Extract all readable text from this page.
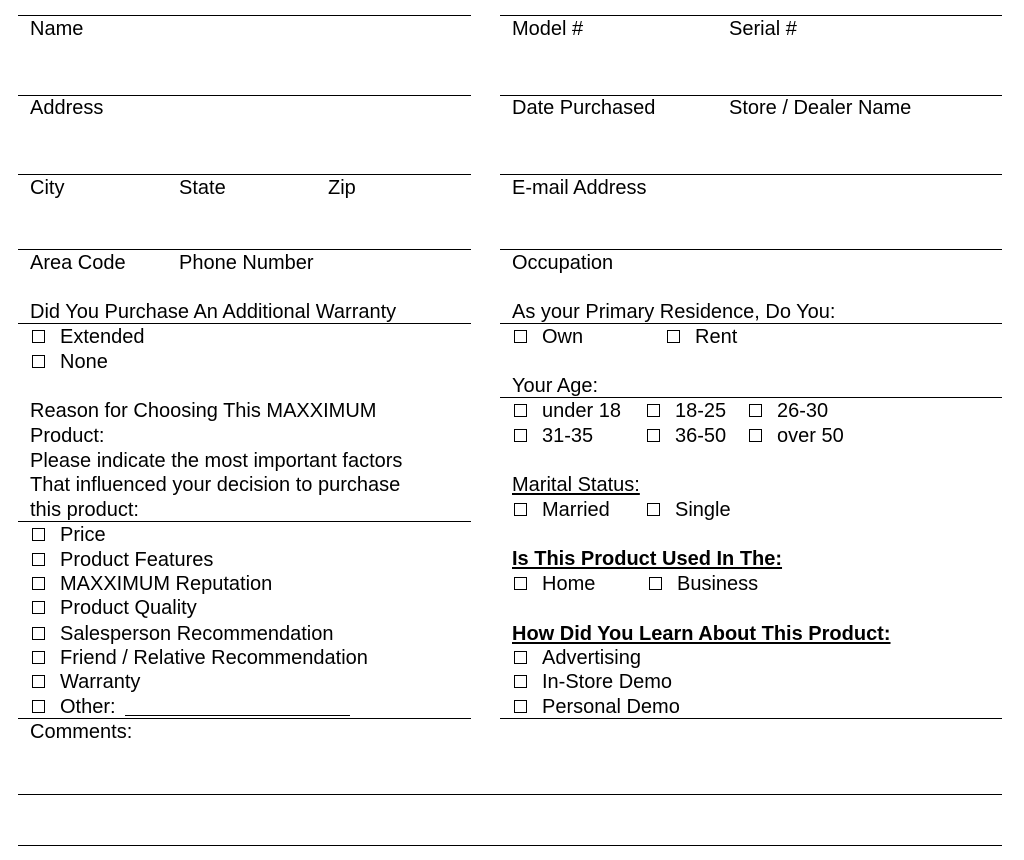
Name
Address
City	State	Zip
Area Code	Phone Number
Did You Purchase An Additional Warranty
Extended
None
Reason for Choosing This MAXXIMUM
Product:
Please indicate the most important factors
That influenced your decision to purchase
this product:
Price
Product Features
MAXXIMUM Reputation
Product Quality
Salesperson Recommendation
Friend / Relative Recommendation
Warranty
Other:
Comments:
Model #	Serial #
Date Purchased	Store / Dealer Name
E-mail Address
Occupation
As your Primary Residence, Do You:
Own	Rent
Your Age:
under 18	18-25	26-30
31-35	36-50	over 50
Marital Status:
Married	Single
Is This Product Used In The:
Home	Business
How Did You Learn About This Product:
Advertising
In-Store Demo
Personal Demo
